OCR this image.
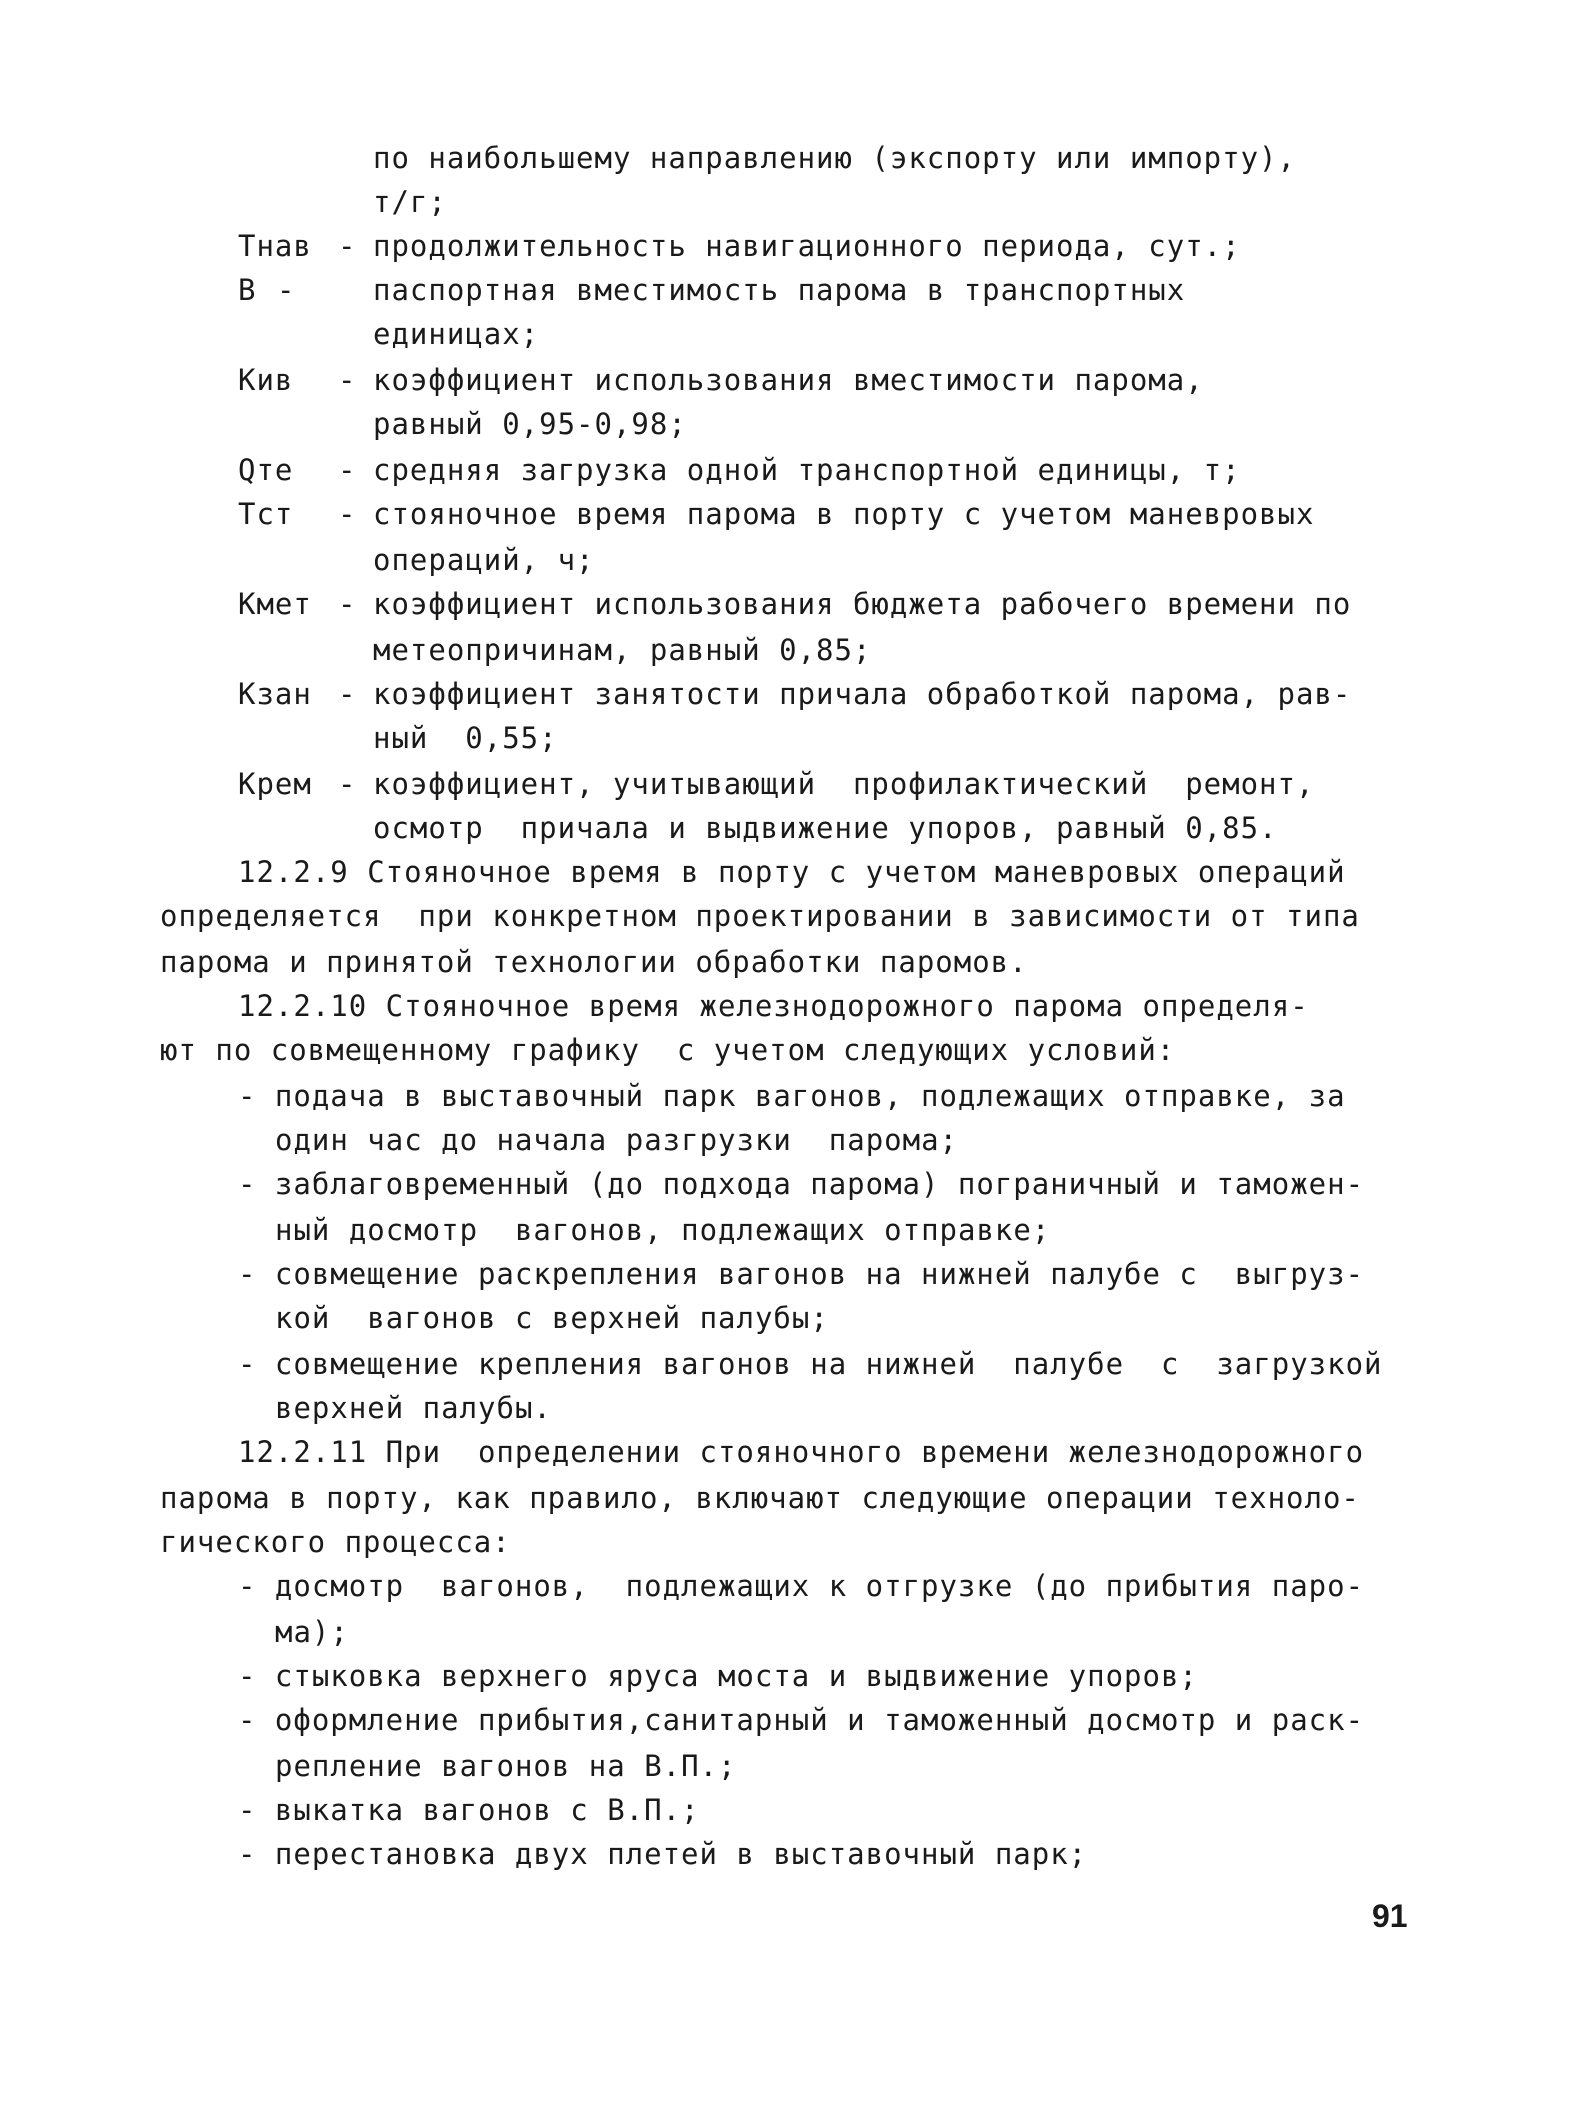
по наибольшему направлению (экспорту или импорту),
т/г;
Тнав - продолжительность навигационного периода, сут.;
В -	паспортная вместимость парома в транспортных
единицах;
Кив - коэффициент использования вместимости парома,
равный 0,95-0,98;
Qте - средняя загрузка одной транспортной единицы, т;
Тст - стояночное время парома в порту с учетом маневровых
операций, ч;
Кмет - коэффициент использования бюджета рабочего времени по
метеопричинам, равный 0,85;
Кзан - коэффициент занятости причала обработкой парома, рав-
ный  0,55;
Крем - коэффициент, учитывающий  профилактический  ремонт,
осмотр  причала и выдвижение упоров, равный 0,85.
12.2.9 Стояночное время в порту с учетом маневровых операций
определяется  при конкретном проектировании в зависимости от типа
парома и принятой технологии обработки паромов.
12.2.10 Стояночное время железнодорожного парома определя-
ют по совмещенному графику  с учетом следующих условий:
- подача в выставочный парк вагонов, подлежащих отправке, за
один час до начала разгрузки  парома;
- заблаговременный (до подхода парома) пограничный и таможен-
ный досмотр  вагонов, подлежащих отправке;
- совмещение раскрепления вагонов на нижней палубе с  выгруз-
кой  вагонов с верхней палубы;
- совмещение крепления вагонов на нижней  палубе  с  загрузкой
верхней палубы.
12.2.11 При  определении стояночного времени железнодорожного
парома в порту, как правило, включают следующие операции техноло-
гического процесса:
- досмотр  вагонов,  подлежащих к отгрузке (до прибытия паро-
ма);
- стыковка верхнего яруса моста и выдвижение упоров;
- оформление прибытия,санитарный и таможенный досмотр и раск-
репление вагонов на В.П.;
- выкатка вагонов с В.П.;
- перестановка двух плетей в выставочный парк;
91
